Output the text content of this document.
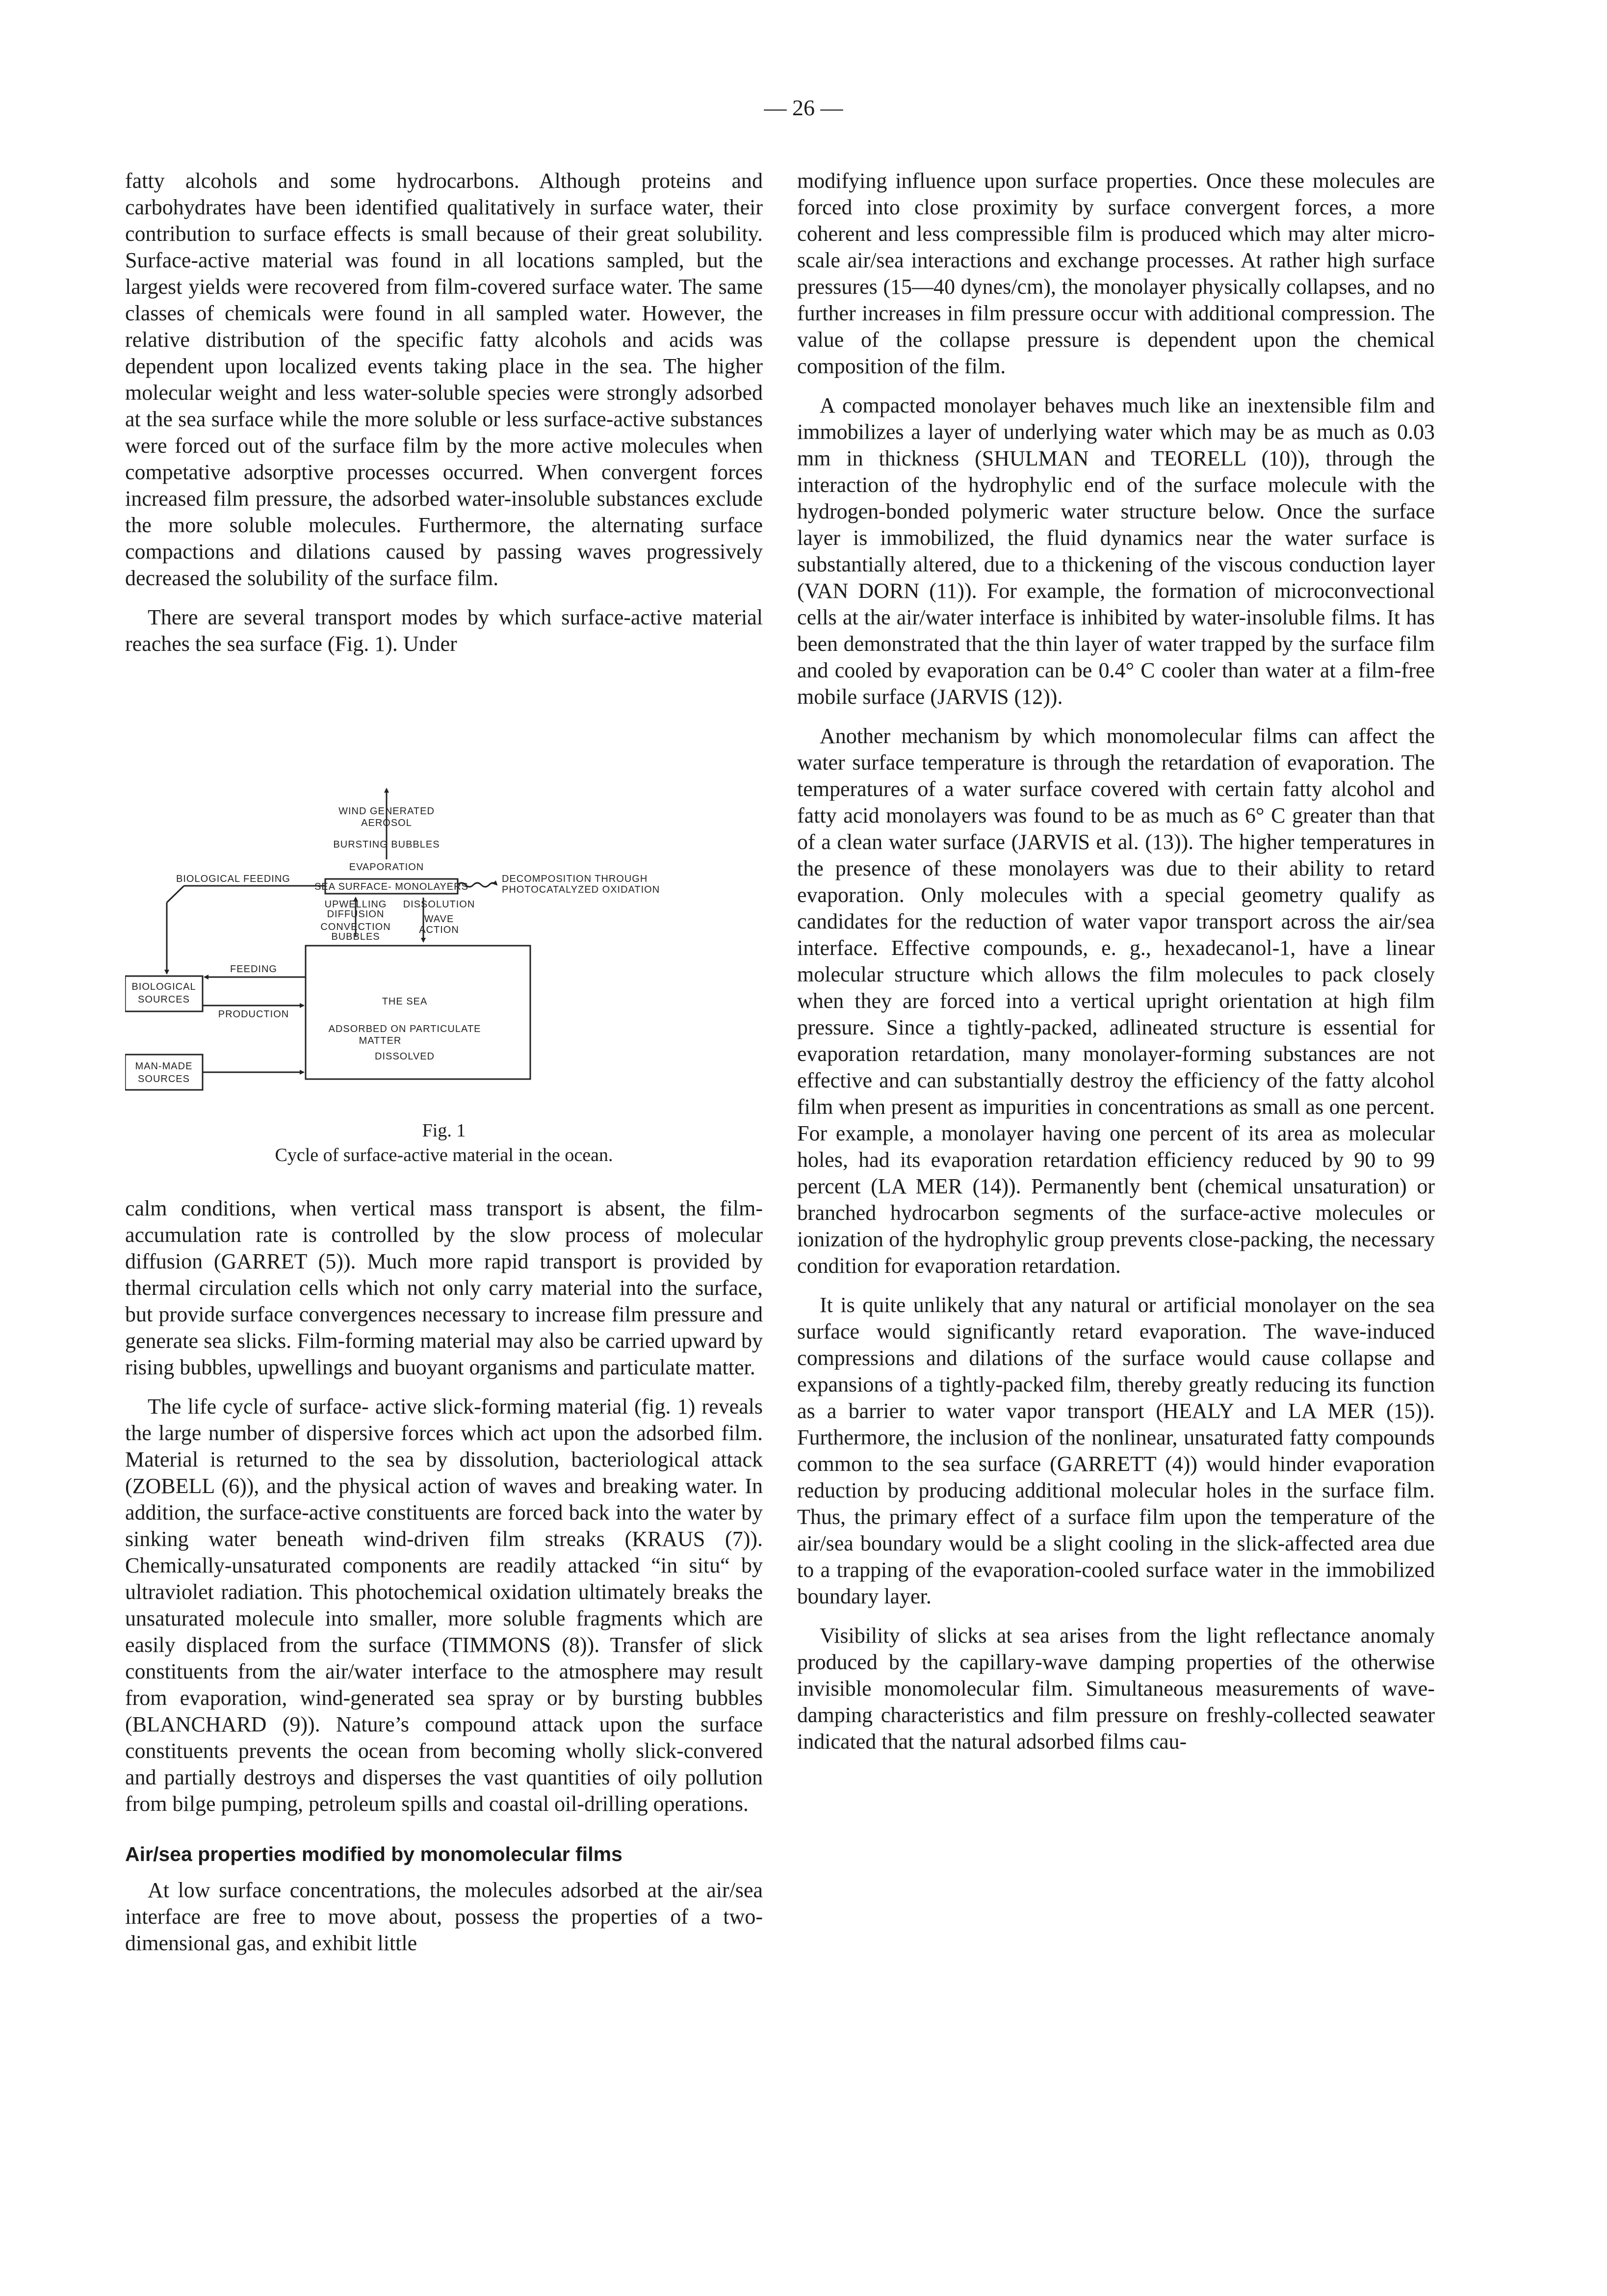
— 26 —

fatty alcohols and some hydrocarbons. Although proteins and carbohydrates have been identified qualitatively in surface water, their contribution to surface effects is small because of their great solubility. Surface-active material was found in all locations sampled, but the largest yields were recovered from film-covered surface water. The same classes of chemicals were found in all sampled water. However, the relative distribution of the specific fatty alcohols and acids was dependent upon localized events taking place in the sea. The higher molecular weight and less water-soluble species were strongly adsorbed at the sea surface while the more soluble or less surface-active substances were forced out of the surface film by the more active molecules when competative adsorptive processes occurred. When convergent forces increased film pressure, the adsorbed water-insoluble substances exclude the more soluble molecules. Furthermore, the alternating surface compactions and dilations caused by passing waves progressively decreased the solubility of the surface film.

There are several transport modes by which surface-active material reaches the sea surface (Fig. 1). Under

WIND GENERATED
AEROSOL
BURSTING BUBBLES
EVAPORATION
BIOLOGICAL FEEDING
SEA SURFACE- MONOLAYERS
DECOMPOSITION THROUGH
PHOTOCATALYZED OXIDATION
UPWELLING
DIFFUSION
CONVECTION
BUBBLES
DISSOLUTION
WAVE
ACTION
FEEDING
BIOLOGICAL
SOURCES
PRODUCTION
THE SEA
ADSORBED ON PARTICULATE
MATTER
DISSOLVED
MAN-MADE
SOURCES
Fig. 1
Cycle of surface-active material in the ocean.

calm conditions, when vertical mass transport is absent, the film-accumulation rate is controlled by the slow process of molecular diffusion (GARRET (5)). Much more rapid transport is provided by thermal circulation cells which not only carry material into the surface, but provide surface convergences necessary to increase film pressure and generate sea slicks. Film-forming material may also be carried upward by rising bubbles, upwellings and buoyant organisms and particulate matter.

The life cycle of surface- active slick-forming material (fig. 1) reveals the large number of dispersive forces which act upon the adsorbed film. Material is returned to the sea by dissolution, bacteriological attack (ZOBELL (6)), and the physical action of waves and breaking water. In addition, the surface-active constituents are forced back into the water by sinking water beneath wind-driven film streaks (KRAUS (7)). Chemically-unsaturated components are readily attacked “in situ“ by ultraviolet radiation. This photochemical oxidation ultimately breaks the unsaturated molecule into smaller, more soluble fragments which are easily displaced from the surface (TIMMONS (8)). Transfer of slick constituents from the air/water interface to the atmosphere may result from evaporation, wind-generated sea spray or by bursting bubbles (BLANCHARD (9)). Nature’s compound attack upon the surface constituents prevents the ocean from becoming wholly slick-convered and partially destroys and disperses the vast quantities of oily pollution from bilge pumping, petroleum spills and coastal oil-drilling operations.

Air/sea properties modified by monomolecular films

At low surface concentrations, the molecules adsorbed at the air/sea interface are free to move about, possess the properties of a two-dimensional gas, and exhibit little

modifying influence upon surface properties. Once these molecules are forced into close proximity by surface convergent forces, a more coherent and less compressible film is produced which may alter micro-scale air/sea interactions and exchange processes. At rather high surface pressures (15—40 dynes/cm), the monolayer physically collapses, and no further increases in film pressure occur with additional compression. The value of the collapse pressure is dependent upon the chemical composition of the film.

A compacted monolayer behaves much like an inextensible film and immobilizes a layer of underlying water which may be as much as 0.03 mm in thickness (SHULMAN and TEORELL (10)), through the interaction of the hydrophylic end of the surface molecule with the hydrogen-bonded polymeric water structure below. Once the surface layer is immobilized, the fluid dynamics near the water surface is substantially altered, due to a thickening of the viscous conduction layer (VAN DORN (11)). For example, the formation of microconvectional cells at the air/water interface is inhibited by water-insoluble films. It has been demonstrated that the thin layer of water trapped by the surface film and cooled by evaporation can be 0.4° C cooler than water at a film-free mobile surface (JARVIS (12)).

Another mechanism by which monomolecular films can affect the water surface temperature is through the retardation of evaporation. The temperatures of a water surface covered with certain fatty alcohol and fatty acid monolayers was found to be as much as 6° C greater than that of a clean water surface (JARVIS et al. (13)). The higher temperatures in the presence of these monolayers was due to their ability to retard evaporation. Only molecules with a special geometry qualify as candidates for the reduction of water vapor transport across the air/sea interface. Effective compounds, e. g., hexadecanol-1, have a linear molecular structure which allows the film molecules to pack closely when they are forced into a vertical upright orientation at high film pressure. Since a tightly-packed, adlineated structure is essential for evaporation retardation, many monolayer-forming substances are not effective and can substantially destroy the efficiency of the fatty alcohol film when present as impurities in concentrations as small as one percent. For example, a monolayer having one percent of its area as molecular holes, had its evaporation retardation efficiency reduced by 90 to 99 percent (LA MER (14)). Permanently bent (chemical unsaturation) or branched hydrocarbon segments of the surface-active molecules or ionization of the hydrophylic group prevents close-packing, the necessary condition for evaporation retardation.

It is quite unlikely that any natural or artificial monolayer on the sea surface would significantly retard evaporation. The wave-induced compressions and dilations of the surface would cause collapse and expansions of a tightly-packed film, thereby greatly reducing its function as a barrier to water vapor transport (HEALY and LA MER (15)). Furthermore, the inclusion of the nonlinear, unsaturated fatty compounds common to the sea surface (GARRETT (4)) would hinder evaporation reduction by producing additional molecular holes in the surface film. Thus, the primary effect of a surface film upon the temperature of the air/sea boundary would be a slight cooling in the slick-affected area due to a trapping of the evaporation-cooled surface water in the immobilized boundary layer.

Visibility of slicks at sea arises from the light reflectance anomaly produced by the capillary-wave damping properties of the otherwise invisible monomolecular film. Simultaneous measurements of wave-damping characteristics and film pressure on freshly-collected seawater indicated that the natural adsorbed films cau-
